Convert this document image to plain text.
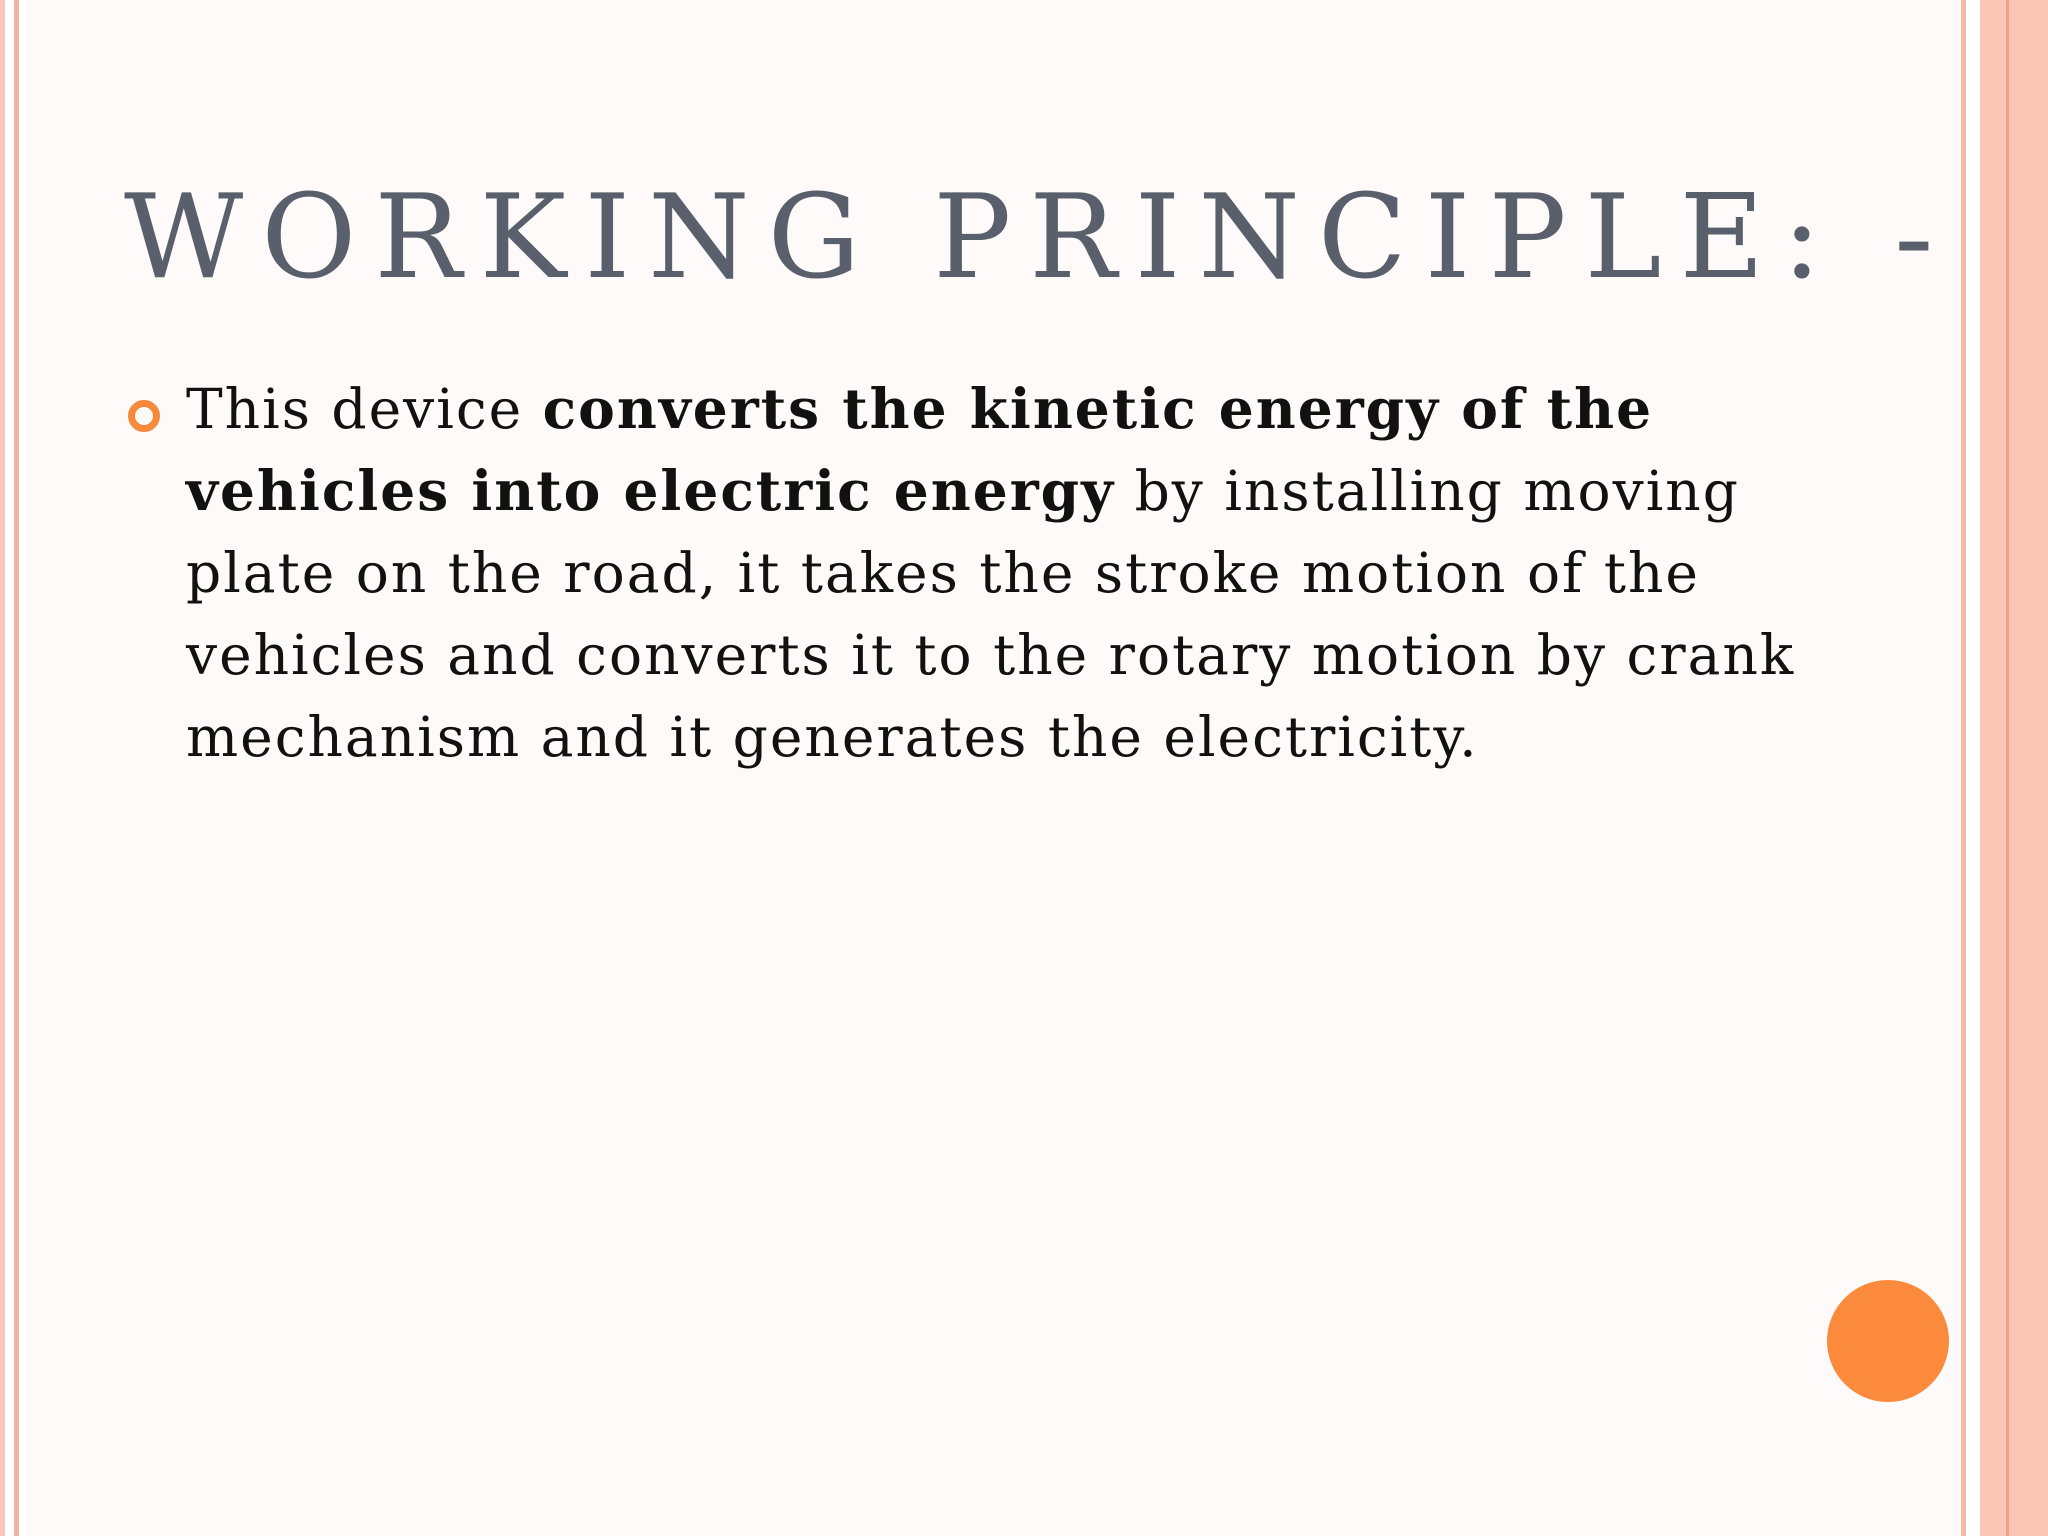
WORKING PRINCIPLE: -
This device converts the kinetic energy of the vehicles into electric energy by installing moving plate on the road, it takes the stroke motion of the vehicles and converts it to the rotary motion by crank mechanism and it generates the electricity.
